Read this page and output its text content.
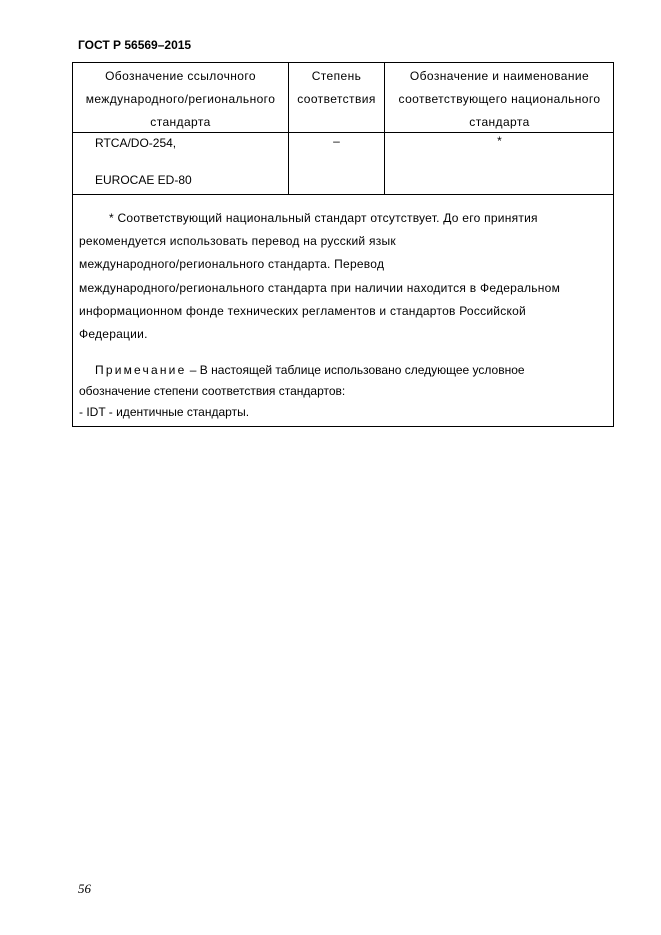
ГОСТ Р 56569–2015
Обозначение ссылочного
международного/регионального
стандарта
Степень
соответствия
Обозначение и наименование
соответствующего национального
стандарта
RTCA/DO-254,
EUROCAE ED-80
–	*

* Соответствующий национальный стандарт отсутствует. До его принятия

рекомендуется использовать перевод на русский язык

международного/регионального стандарта. Перевод

международного/регионального стандарта при наличии находится в Федеральном

информационном фонде технических регламентов и стандартов Российской

Федерации.

Примечание – В настоящей таблице использовано следующее условное

обозначение степени соответствия стандартов:

- IDT - идентичные стандарты.

56
